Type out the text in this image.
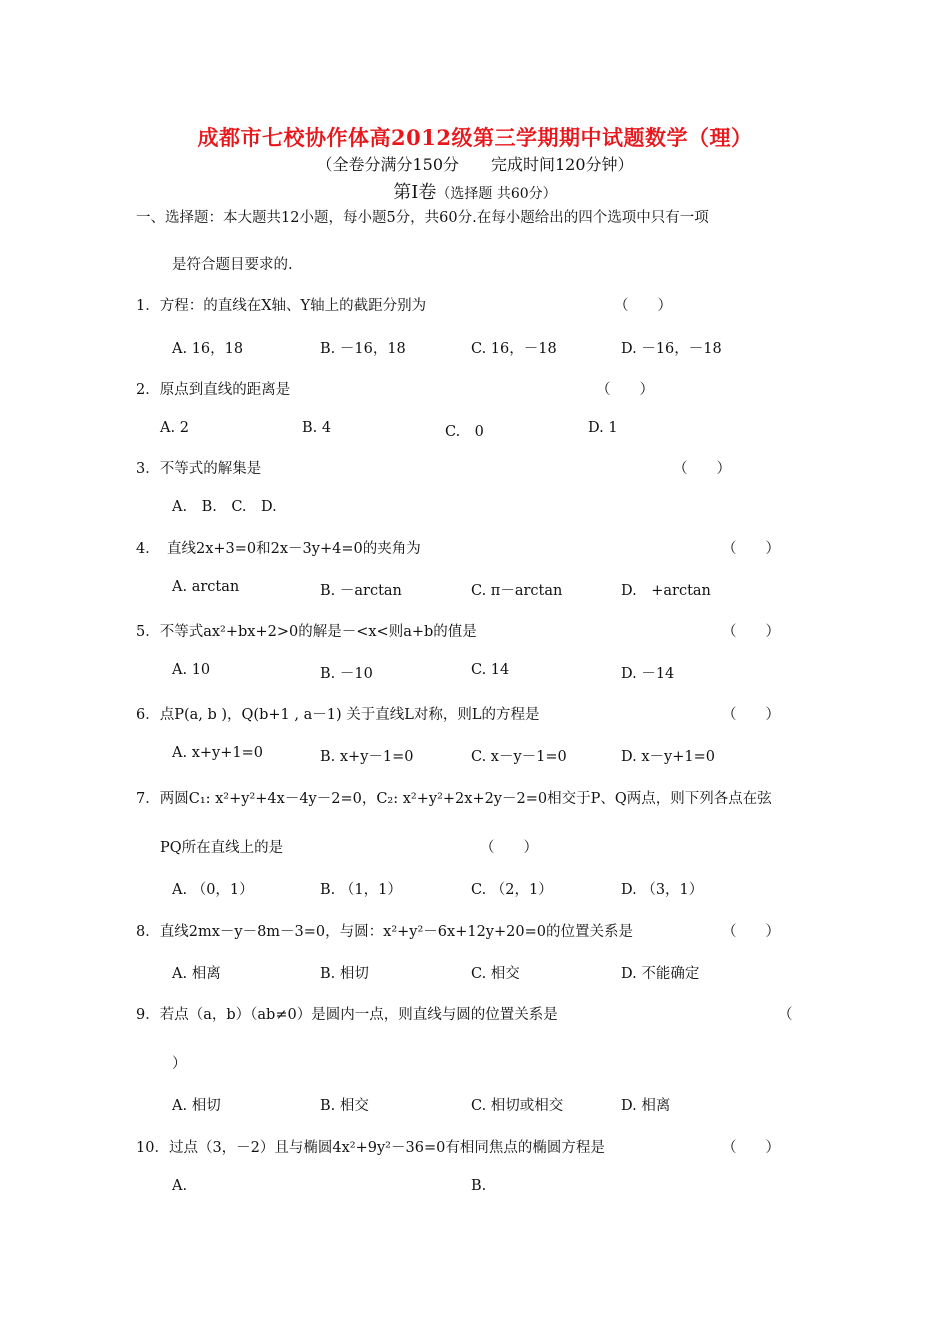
成都市七校协作体高2012级第三学期期中试题数学（理）
（全卷分满分150分　　完成时间120分钟）
第Ⅰ卷（选择题 共60分）
一、选择题：本大题共12小题，每小题5分，共60分.在每小题给出的四个选项中只有一项
是符合题目要求的.
1．方程：的直线在X轴、Y轴上的截距分别为	（　　）
A. 16，18	B. －16，18	C. 16，－18	D. －16，－18
2．原点到直线的距离是	（　　）
A. 2	B. 4	C.　0	D. 1
3．不等式的解集是	（　　）
A.　B.　C.　D.
4．　直线2x+3=0和2x－3y+4=0的夹角为	（　　）
A. arctan	B. －arctan	C. π－arctan	D.　+arctan
5．不等式ax²+bx+2>0的解是－<x<则a+b的值是	（　　）
A. 10	B. －10	C. 14	D. －14
6．点P(a, b )，Q(b+1 , a－1) 关于直线L对称，则L的方程是	（　　）
A. x+y+1=0	B. x+y－1=0	C. x－y－1=0	D. x－y+1=0
7．两圆C₁: x²+y²+4x－4y－2=0，C₂: x²+y²+2x+2y－2=0相交于P、Q两点，则下列各点在弦
PQ所在直线上的是	（　　）
A. （0，1）	B. （1，1）	C. （2，1）	D. （3，1）
8．直线2mx－y－8m－3=0，与圆：x²+y²－6x+12y+20=0的位置关系是	（　　）
A. 相离	B. 相切	C. 相交	D. 不能确定
9．若点（a，b）（ab≠0）是圆内一点，则直线与圆的位置关系是	（
）
A. 相切	B. 相交	C. 相切或相交	D. 相离
10．过点（3，－2）且与椭圆4x²+9y²－36=0有相同焦点的椭圆方程是	（　　）
A.	B.
